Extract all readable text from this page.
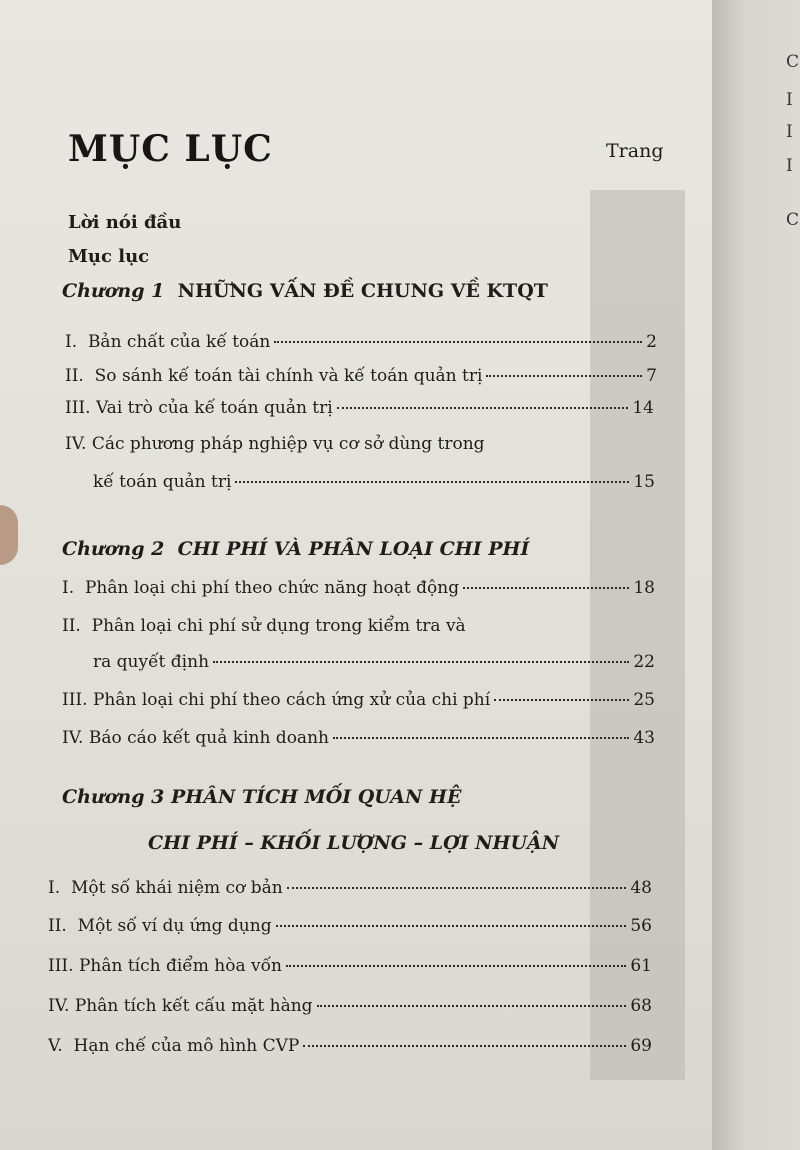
C
I
I
I
C
MỤC LỤC	Trang
Lời nói đầu
Mục lục
Chương 1 NHỮNG VẤN ĐỀ CHUNG VỀ KTQT
I. Bản chất của kế toán	2
II. So sánh kế toán tài chính và kế toán quản trị	7
III. Vai trò của kế toán quản trị	14
IV. Các phương pháp nghiệp vụ cơ sở dùng trong
kế toán quản trị	15
Chương 2 CHI PHÍ VÀ PHÂN LOẠI CHI PHÍ
I. Phân loại chi phí theo chức năng hoạt động	18
II. Phân loại chi phí sử dụng trong kiểm tra và
ra quyết định	22
III. Phân loại chi phí theo cách ứng xử của chi phí	25
IV. Báo cáo kết quả kinh doanh	43
Chương 3 PHÂN TÍCH MỐI QUAN HỆ
CHI PHÍ – KHỐI LƯỢNG – LỢI NHUẬN
I. Một số khái niệm cơ bản	48
II. Một số ví dụ ứng dụng	56
III. Phân tích điểm hòa vốn	61
IV. Phân tích kết cấu mặt hàng	68
V. Hạn chế của mô hình CVP	69
